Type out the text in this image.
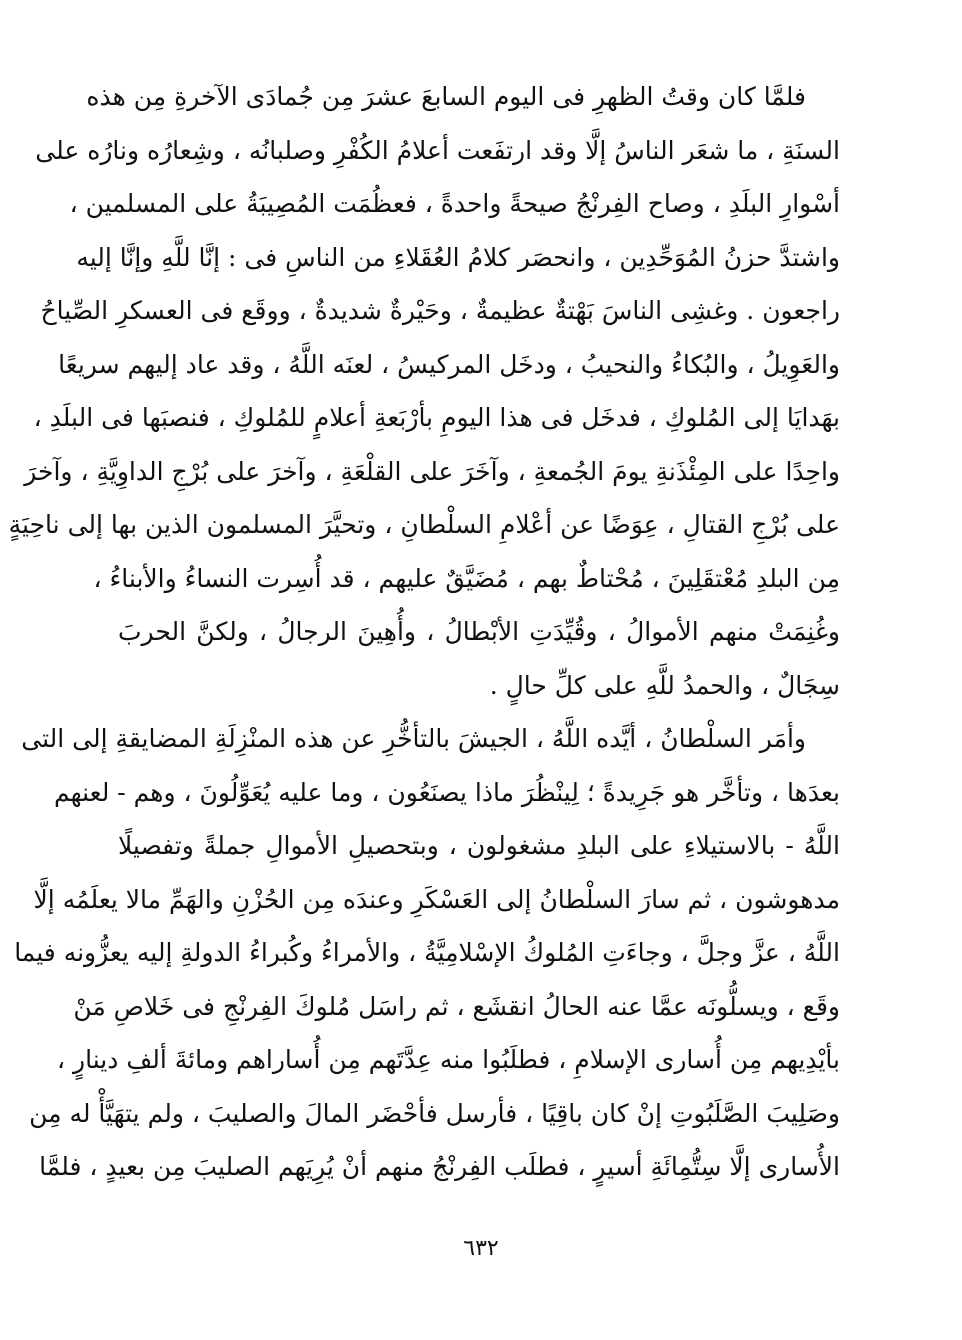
فلمَّا كان وقتُ الظهرِ فى اليوم السابعَ عشرَ مِن جُمادَى الآخرةِ مِن هذه
السنَةِ ، ما شعَر الناسُ إلَّا وقد ارتفَعت أعلامُ الكُفْرِ وصلبانُه ، وشِعارُه ونارُه على
أسْوارِ البلَدِ ، وصاح الفِرنْجُ صيحةً واحدةً ، فعظُمَت المُصِيبَةُ على المسلمين ،
واشتدَّ حزنُ المُوَحِّدِين ، وانحصَر كلامُ العُقَلاءِ من الناسِ فى : إنَّا للَّهِ وإنَّا إليه
راجعون . وغشِى الناسَ بَهْتةٌ عظيمةٌ ، وحَيْرةٌ شديدةٌ ، ووقَع فى العسكرِ الصِّياحُ
والعَوِيلُ ، والبُكاءُ والنحيبُ ، ودخَل المركيسُ ، لعنَه اللَّهُ ، وقد عاد إليهم سريعًا
بهَدايَا إلى المُلوكِ ، فدخَل فى هذا اليومِ بأرْبَعةِ أعلامٍ للمُلوكِ ، فنصبَها فى البلَدِ ،
واحِدًا على المِئْذَنةِ يومَ الجُمعةِ ، وآخَرَ على القلْعَةِ ، وآخرَ على بُرْجِ الداوِيَّةِ ، وآخرَ
على بُرْجِ القتالِ ، عِوَضًا عن أعْلامِ السلْطانِ ، وتحيَّرَ المسلمون الذين بها إلى ناحِيَةٍ
مِن البلدِ مُعْتقَلِينَ ، مُحْتاطٌ بهم ، مُضَيَّقٌ عليهم ، قد أُسِرت النساءُ والأبناءُ ،
وغُنِمَتْ منهم الأموالُ ، وقُيِّدَتِ الأبْطالُ ، وأُهِينَ الرجالُ ، ولكنَّ الحربَ
سِجَالٌ ، والحمدُ للَّهِ على كلِّ حالٍ .
وأمَر السلْطانُ ، أيَّده اللَّهُ ، الجيشَ بالتأخُّرِ عن هذه المنْزِلَةِ المضايقةِ إلى التى
بعدَها ، وتأخَّر هو جَرِيدةً ؛ لِينْظُرَ ماذا يصنَعُون ، وما عليه يُعَوِّلُونَ ، وهم - لعنهم
اللَّهُ - بالاستيلاءِ على البلدِ مشغولون ، وبتحصيلِ الأموالِ جملةً وتفصيلًا
مدهوشون ، ثم سارَ السلْطانُ إلى العَسْكَرِ وعندَه مِن الحُزْنِ والهَمِّ مالا يعلَمُه إلَّا
اللَّهُ ، عزَّ وجلَّ ، وجاءَتِ المُلوكُ الإسْلامِيَّةُ ، والأمراءُ وكُبراءُ الدولةِ إليه يعزُّونه فيما
وقَع ، ويسلُّونَه عمَّا عنه الحالُ انقشَع ، ثم راسَل مُلوكَ الفِرنْجِ فى خَلاصِ مَنْ
بأيْدِيهم مِن أُسارى الإسلامِ ، فطلَبُوا منه عِدَّتَهم مِن أُساراهم ومائةَ ألفِ دينارٍ ،
وصَلِيبَ الصَّلَبُوتِ إنْ كان باقِيًا ، فأرسل فأحْضَر المالَ والصليبَ ، ولم يتهَيَّأْ له مِن
الأُسارى إلَّا سِتُّمِائَةِ أسيرٍ ، فطلَب الفِرنْجُ منهم أنْ يُرِيَهم الصليبَ مِن بعيدٍ ، فلمَّا
٦٣٢
